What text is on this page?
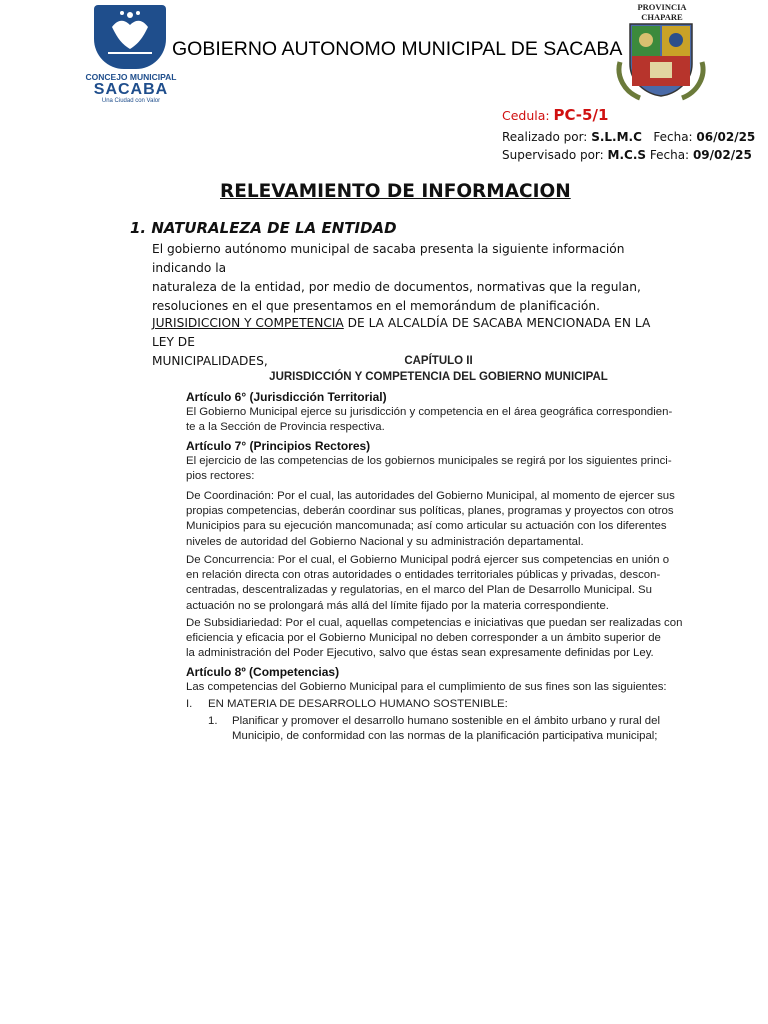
CONCEJO MUNICIPAL
SACABA
Una Ciudad con Valor
GOBIERNO AUTONOMO MUNICIPAL DE SACABA
PROVINCIA CHAPARE
Cedula: PC-5/1
Realizado por: S.L.M.C Fecha: 06/02/25
Supervisado por: M.C.S Fecha: 09/02/25
RELEVAMIENTO DE INFORMACION
1. NATURALEZA DE LA ENTIDAD
El gobierno autónomo municipal de sacaba presenta la siguiente información indicando la
naturaleza de la entidad, por medio de documentos, normativas que la regulan,
resoluciones en el que presentamos en el memorándum de planificación.
JURISIDICCION Y COMPETENCIA DE LA ALCALDÍA DE SACABA MENCIONADA EN LA LEY DE
MUNICIPALIDADES,	CAPÍTULO II
JURISDICCIÓN Y COMPETENCIA DEL GOBIERNO MUNICIPAL
Artículo 6° (Jurisdicción Territorial)
El Gobierno Municipal ejerce su jurisdicción y competencia en el área geográfica correspondien-
te a la Sección de Provincia respectiva.
Artículo 7° (Principios Rectores)
El ejercicio de las competencias de los gobiernos municipales se regirá por los siguientes princi-
pios rectores:
De Coordinación: Por el cual, las autoridades del Gobierno Municipal, al momento de ejercer sus
propias competencias, deberán coordinar sus políticas, planes, programas y proyectos con otros
Municipios para su ejecución mancomunada; así como articular su actuación con los diferentes
niveles de autoridad del Gobierno Nacional y su administración departamental.
De Concurrencia: Por el cual, el Gobierno Municipal podrá ejercer sus competencias en unión o
en relación directa con otras autoridades o entidades territoriales públicas y privadas, descon-
centradas, descentralizadas y regulatorias, en el marco del Plan de Desarrollo Municipal. Su
actuación no se prolongará más allá del límite fijado por la materia correspondiente.
De Subsidiariedad: Por el cual, aquellas competencias e iniciativas que puedan ser realizadas con
eficiencia y eficacia por el Gobierno Municipal no deben corresponder a un ámbito superior de
la administración del Poder Ejecutivo, salvo que éstas sean expresamente definidas por Ley.
Artículo 8º (Competencias)
Las competencias del Gobierno Municipal para el cumplimiento de sus fines son las siguientes:
I. EN MATERIA DE DESARROLLO HUMANO SOSTENIBLE:
1.	Planificar y promover el desarrollo humano sostenible en el ámbito urbano y rural del
Municipio, de conformidad con las normas de la planificación participativa municipal;
